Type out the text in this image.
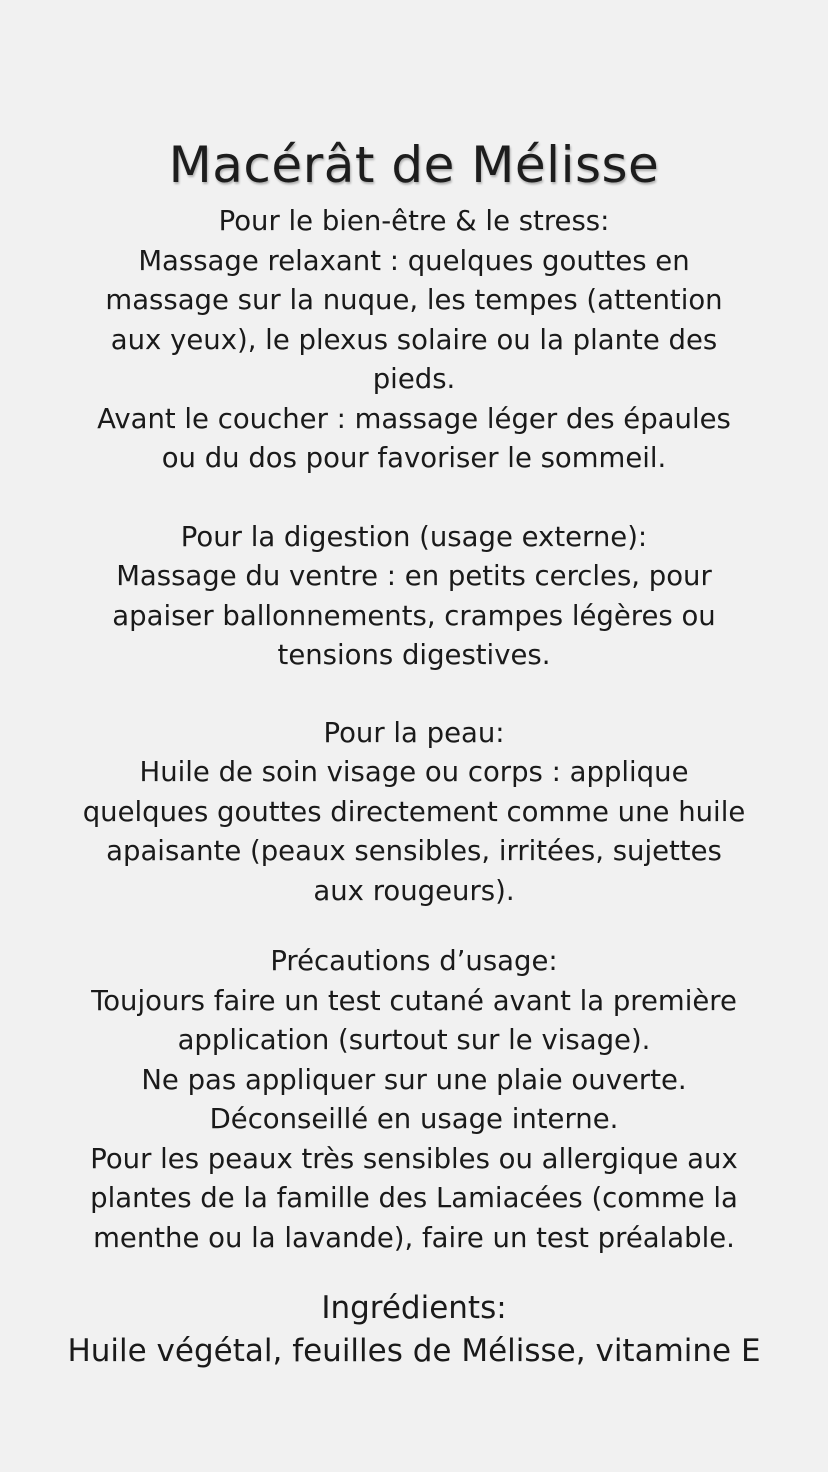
Macérât de Mélisse

Pour le bien-être & le stress:

Massage relaxant : quelques gouttes en

massage sur la nuque, les tempes (attention

aux yeux), le plexus solaire ou la plante des

pieds.

Avant le coucher : massage léger des épaules

ou du dos pour favoriser le sommeil.

Pour la digestion (usage externe):

Massage du ventre : en petits cercles, pour

apaiser ballonnements, crampes légères ou

tensions digestives.

Pour la peau:

Huile de soin visage ou corps : applique

quelques gouttes directement comme une huile

apaisante (peaux sensibles, irritées, sujettes

aux rougeurs).

Précautions d’usage:

Toujours faire un test cutané avant la première

application (surtout sur le visage).

Ne pas appliquer sur une plaie ouverte.

Déconseillé en usage interne.

Pour les peaux très sensibles ou allergique aux

plantes de la famille des Lamiacées (comme la

menthe ou la lavande), faire un test préalable.

Ingrédients:

Huile végétal, feuilles de Mélisse, vitamine E
